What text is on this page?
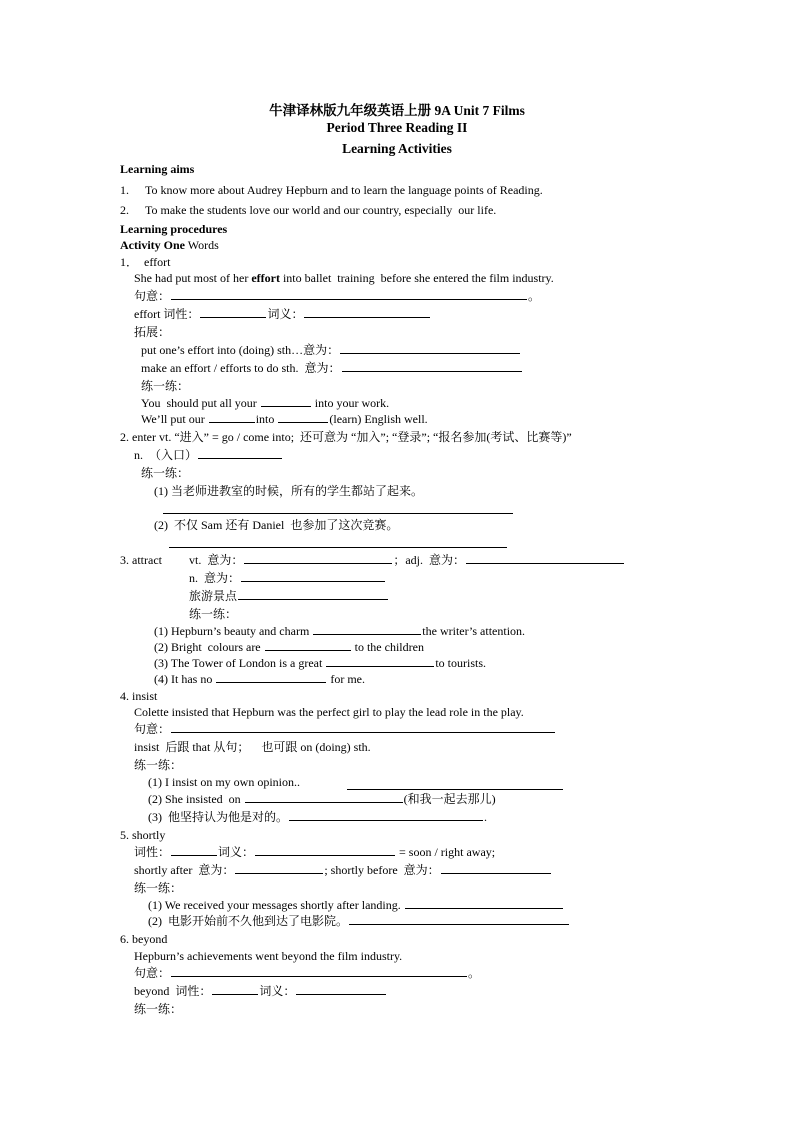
牛津译林版九年级英语上册 9A Unit 7 Films
Period Three Reading II
Learning Activities
Learning aims
1. To know more about Audrey Hepburn and to learn the language points of Reading.
2. To make the students love our world and our country, especially  our life.
Learning procedures
Activity One Words
1．  effort
She had put most of her effort into ballet  training  before she entered the film industry.
句意：	。
effort 词性：	词义：
拓展：
put one’s effort into (doing) sth…意为：
make an effort / efforts to do sth.  意为：
练一练：
You  should put all your	into your work.
We’ll put our	into	(learn) English well.
2. enter vt. “进入” = go / come into;  还可意为 “加入”; “登录”; “报名参加(考试、比赛等)”
n.  （入口）
练一练：
(1) 当老师进教室的时候，所有的学生都站了起来。
(2)  不仅 Sam 还有 Daniel  也参加了这次竞赛。
3. attract vt.  意为：	；adj.  意为：
n.  意为：
旅游景点
练一练：
(1) Hepburn’s beauty and charm	the writer’s attention.
(2) Bright  colours are	to the children
(3) The Tower of London is a great	to tourists.
(4) It has no	for me.
4. insist
Colette insisted that Hepburn was the perfect girl to play the lead role in the play.
句意：
insist  后跟 that 从句；    也可跟 on (doing) sth.
练一练：
(1) I insist on my own opinion..
(2) She insisted  on	(和我一起去那儿)
(3)  他坚持认为他是对的。	.
5. shortly
词性：	词义：	= soon / right away;
shortly after  意为：	; shortly before  意为：
练一练：
(1) We received your messages shortly after landing.
(2)  电影开始前不久他到达了电影院。
6. beyond
Hepburn’s achievements went beyond the film industry.
句意：	。
beyond  词性：	词义：
练一练：
